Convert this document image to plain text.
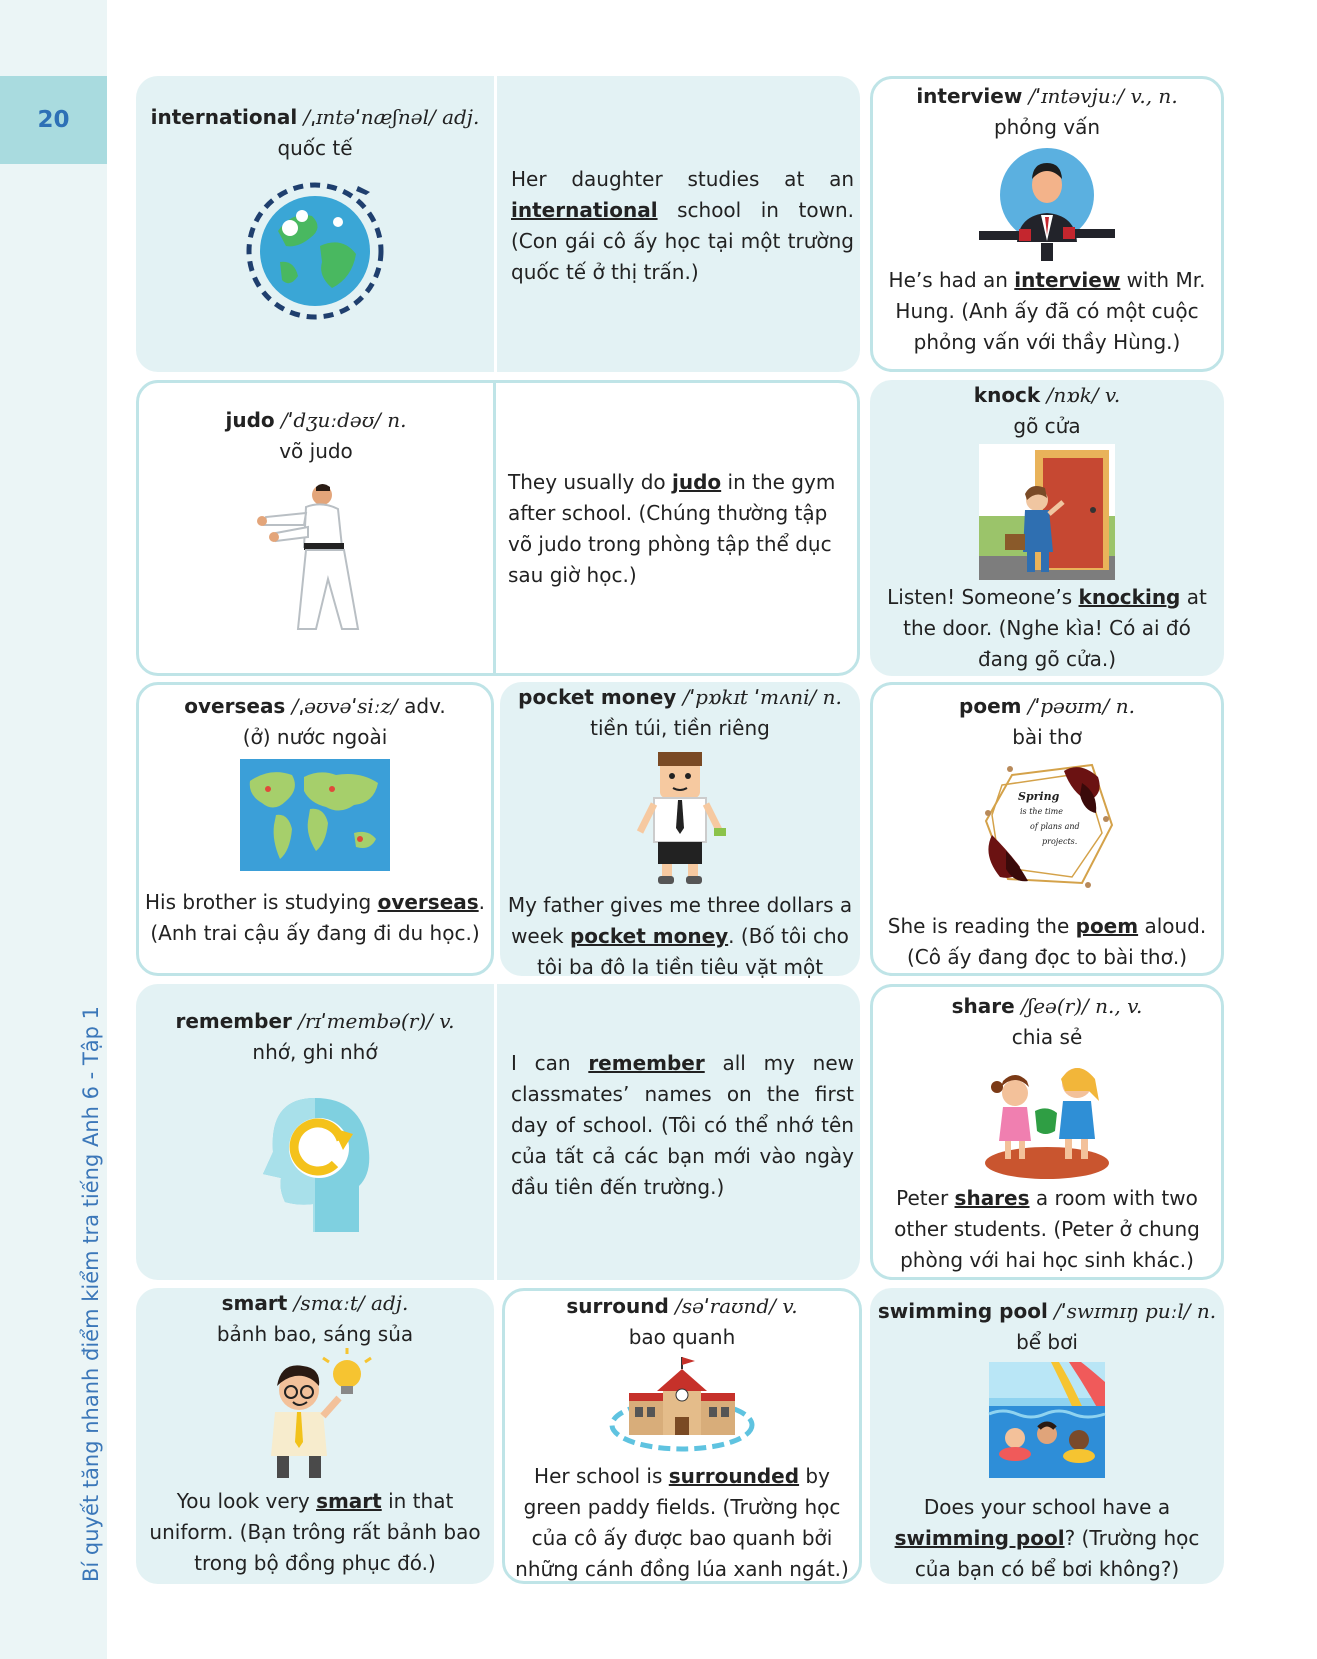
20
Bí quyết tăng nhanh điểm kiểm tra tiếng Anh 6 - Tập 1
international /ˌɪntəˈnæʃnəl/ adj.
quốc tế
Her daughter studies at an international school in town. (Con gái cô ấy học tại một trường quốc tế ở thị trấn.)
interview /ˈɪntəvjuː/ v., n.
phỏng vấn
He’s had an interview with Mr. Hung. (Anh ấy đã có một cuộc phỏng vấn với thầy Hùng.)
judo /ˈdʒuːdəʊ/ n.
võ judo
They usually do judo in the gym after school. (Chúng thường tập võ judo trong phòng tập thể dục sau giờ học.)
knock /nɒk/ v.
gõ cửa
Listen! Someone’s knocking at the door. (Nghe kìa! Có ai đó đang gõ cửa.)
overseas /ˌəʊvəˈsiːz/ adv.
(ở) nước ngoài
His brother is studying overseas. (Anh trai cậu ấy đang đi du học.)
pocket money /ˈpɒkɪt ˈmʌni/ n.
tiền túi, tiền riêng
My father gives me three dollars a week pocket money. (Bố tôi cho tôi ba đô la tiền tiêu vặt một
poem /ˈpəʊɪm/ n.
bài thơ
Spring
is the time
of plans and
projects.
She is reading the poem aloud. (Cô ấy đang đọc to bài thơ.)
remember /rɪˈmembə(r)/ v.
nhớ, ghi nhớ	I can remember all my new classmates’ names on the first day of school. (Tôi có thể nhớ tên của tất cả các bạn mới vào ngày đầu tiên đến trường.)
share /ʃeə(r)/ n., v.
chia sẻ
Peter shares a room with two other students. (Peter ở chung phòng với hai học sinh khác.)
smart /smɑːt/ adj.
bảnh bao, sáng sủa
You look very smart in that uniform. (Bạn trông rất bảnh bao trong bộ đồng phục đó.)
surround /səˈraʊnd/ v.
bao quanh
Her school is surrounded by green paddy fields. (Trường học của cô ấy được bao quanh bởi những cánh đồng lúa xanh ngát.)
swimming pool /ˈswɪmɪŋ puːl/ n.
bể bơi
Does your school have a swimming pool? (Trường học của bạn có bể bơi không?)
